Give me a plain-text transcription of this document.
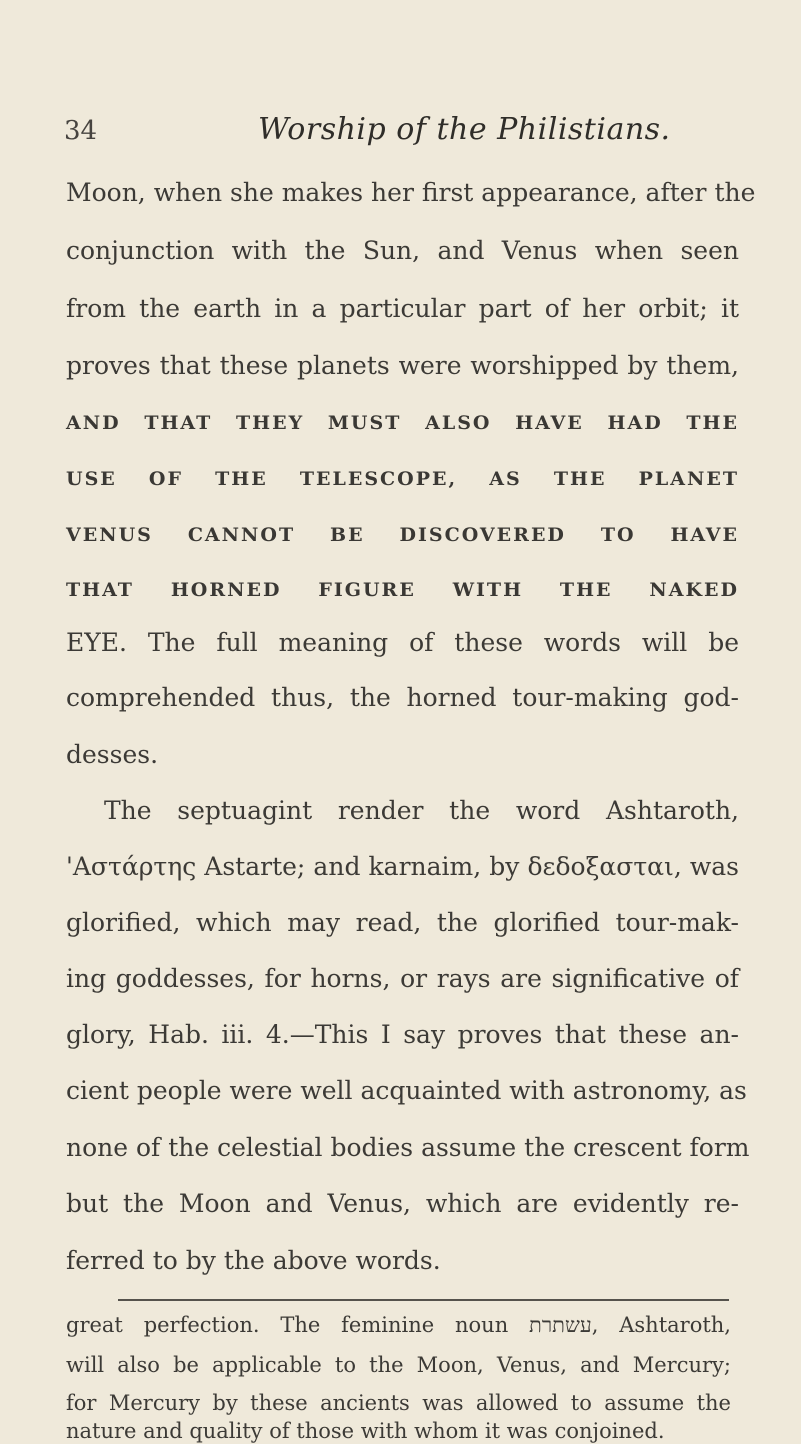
34	Worship of the Philistians.
Moon, when she makes her first appearance, after the
conjunction with the Sun, and Venus when seen
from the earth in a particular part of her orbit; it
proves that these planets were worshipped by them,
AND THAT THEY MUST ALSO HAVE HAD THE
USE OF THE TELESCOPE, AS THE PLANET
VENUS CANNOT BE DISCOVERED TO HAVE
THAT HORNED FIGURE WITH THE NAKED
EYE. The full meaning of these words will be
comprehended thus, the horned tour-making god-
desses.
The septuagint render the word Ashtaroth,
'Αστάρτης Astarte; and karnaim, by δεδοξασται, was
glorified, which may read, the glorified tour-mak-
ing goddesses, for horns, or rays are significative of
glory, Hab. iii. 4.—This I say proves that these an-
cient people were well acquainted with astronomy, as
none of the celestial bodies assume the crescent form
but the Moon and Venus, which are evidently re-
ferred to by the above words.
great perfection. The feminine noun עשתרת, Ashtaroth,
will also be applicable to the Moon, Venus, and Mercury;
for Mercury by these ancients was allowed to assume the
nature and quality of those with whom it was conjoined.
